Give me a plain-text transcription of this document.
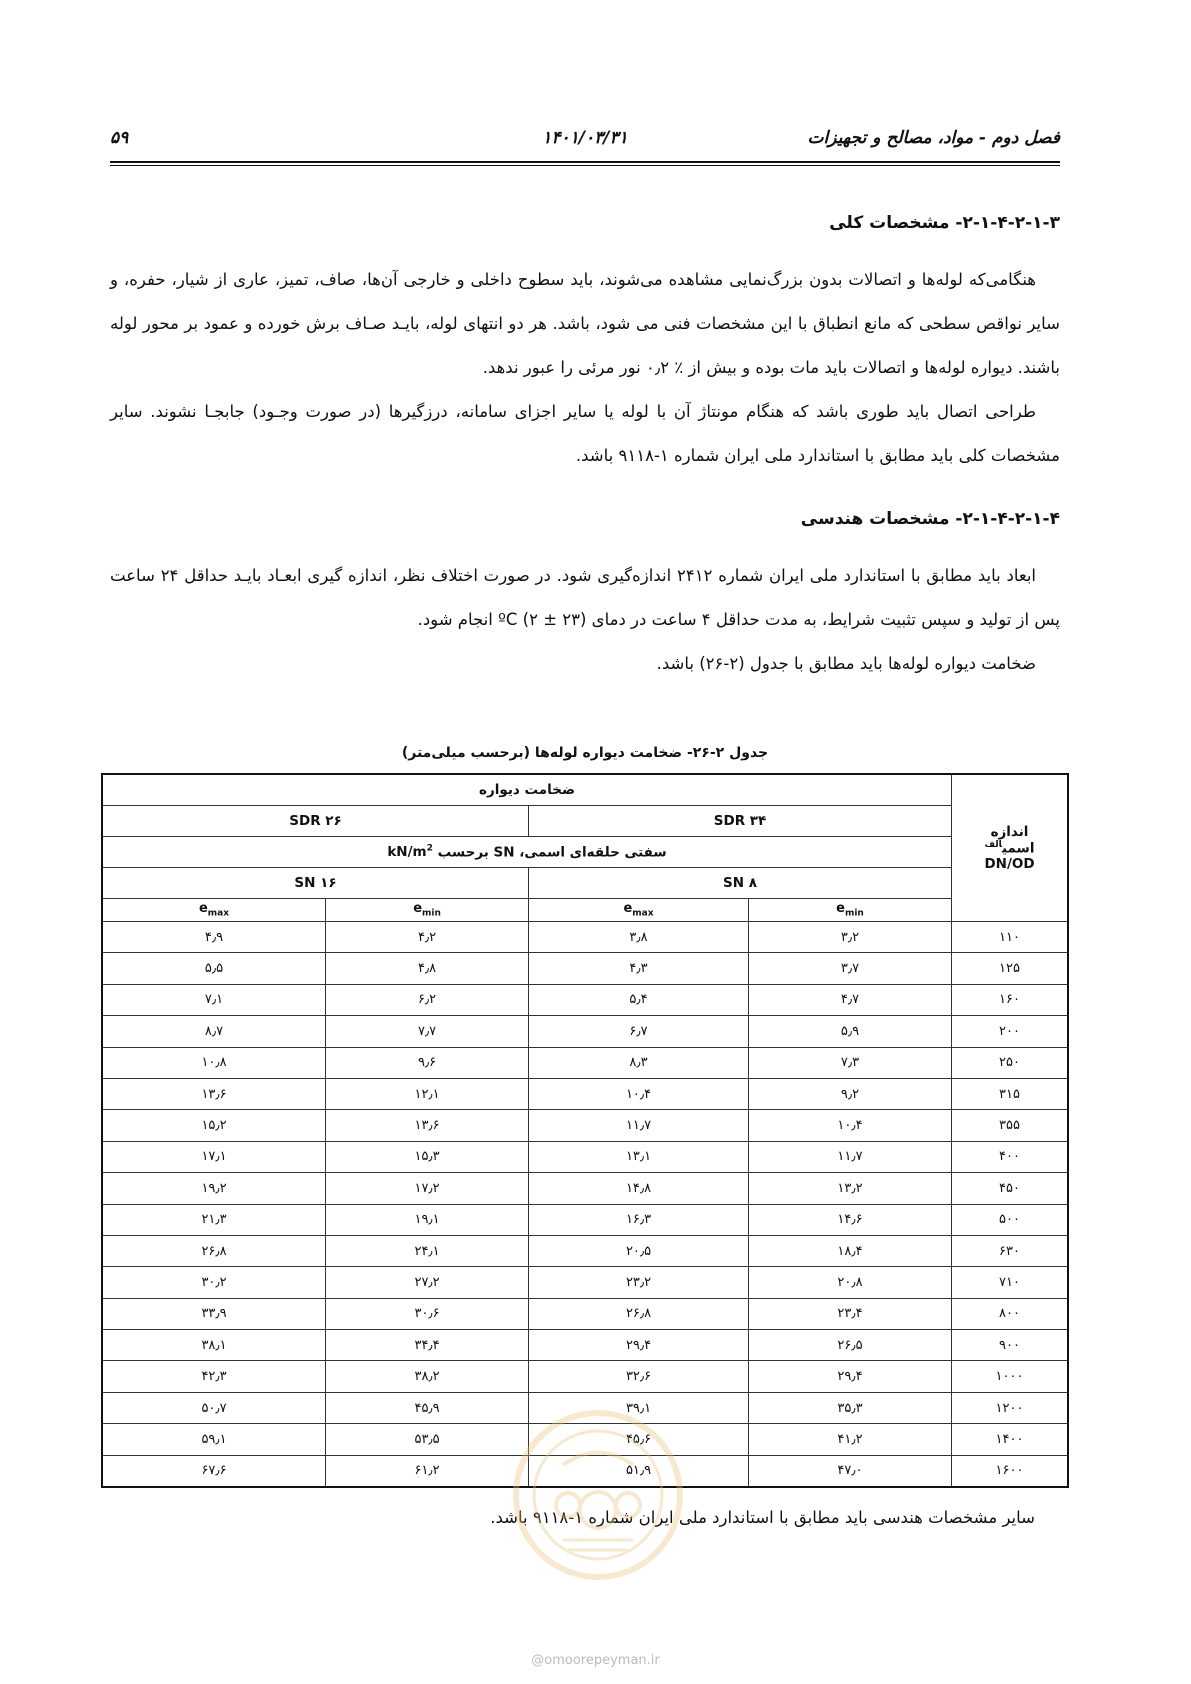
فصل دوم - مواد، مصالح و تجهیزات
۱۴۰۱/۰۳/۳۱
۵۹
۲-۱-۴-۲-۱-۳- مشخصات کلی

هنگامی‌که لوله‌ها و اتصالات بدون بزرگ‌نمایی مشاهده می‌شوند، باید سطوح داخلی و خارجی آن‌ها، صاف، تمیز، عاری از شیار، حفره، و سایر نواقص سطحی که مانع انطباق با این مشخصات فنی می شود، باشد. هر دو انتهای لوله، بایـد صـاف برش خورده و عمود بر محور لوله باشند. دیواره لوله‌ها و اتصالات باید مات بوده و بیش از ٪ ۰٫۲ نور مرئی را عبور ندهد.

طراحی اتصال باید طوری باشد که هنگام مونتاژ آن با لوله یا سایر اجزای سامانه، درزگیرها (در صورت وجـود) جابجـا نشوند. سایر مشخصات کلی باید مطابق با استاندارد ملی ایران شماره ۱-۹۱۱۸ باشد.

۲-۱-۴-۲-۱-۴- مشخصات هندسی

ابعاد باید مطابق با استاندارد ملی ایران شماره ۲۴۱۲ اندازه‌گیری شود. در صورت اختلاف نظر، اندازه گیری ابعـاد بایـد حداقل ۲۴ ساعت پس از تولید و سپس تثبیت شرایط، به مدت حداقل ۴ ساعت در دمای ºC (۲ ± ۲۳) انجام شود.

ضخامت دیواره لوله‌ها باید مطابق با جدول (۲-۲۶) باشد.

جدول ۲-۲۶- ضخامت دیواره لوله‌ها (برحسب میلی‌متر)
اندازه
اسمی$^{الف}$
DN/OD	ضخامت دیواره			
	SDR ۳۴		SDR ۲۶	
	سفتی حلقه‌ای اسمی، SN برحسب $kN/m^2$
	SN ۸		SN ۱۶	
	$e_{min}$	$e_{max}$	$e_{min}$	$e_{max}$
۱۱۰	۳٫۲	۳٫۸	۴٫۲	۴٫۹
۱۲۵	۳٫۷	۴٫۳	۴٫۸	۵٫۵
۱۶۰	۴٫۷	۵٫۴	۶٫۲	۷٫۱
۲۰۰	۵٫۹	۶٫۷	۷٫۷	۸٫۷
۲۵۰	۷٫۳	۸٫۳	۹٫۶	۱۰٫۸
۳۱۵	۹٫۲	۱۰٫۴	۱۲٫۱	۱۳٫۶
۳۵۵	۱۰٫۴	۱۱٫۷	۱۳٫۶	۱۵٫۲
۴۰۰	۱۱٫۷	۱۳٫۱	۱۵٫۳	۱۷٫۱
۴۵۰	۱۳٫۲	۱۴٫۸	۱۷٫۲	۱۹٫۲
۵۰۰	۱۴٫۶	۱۶٫۳	۱۹٫۱	۲۱٫۳
۶۳۰	۱۸٫۴	۲۰٫۵	۲۴٫۱	۲۶٫۸
۷۱۰	۲۰٫۸	۲۳٫۲	۲۷٫۲	۳۰٫۲
۸۰۰	۲۳٫۴	۲۶٫۸	۳۰٫۶	۳۳٫۹
۹۰۰	۲۶٫۵	۲۹٫۴	۳۴٫۴	۳۸٫۱
۱۰۰۰	۲۹٫۴	۳۲٫۶	۳۸٫۲	۴۲٫۳
۱۲۰۰	۳۵٫۳	۳۹٫۱	۴۵٫۹	۵۰٫۷
۱۴۰۰	۴۱٫۲	۴۵٫۶	۵۳٫۵	۵۹٫۱
۱۶۰۰	۴۷٫۰	۵۱٫۹	۶۱٫۲	۶۷٫۶
سایر مشخصات هندسی باید مطابق با استاندارد ملی ایران شماره ۱-۹۱۱۸ باشد.
@omoorepeyman.ir
